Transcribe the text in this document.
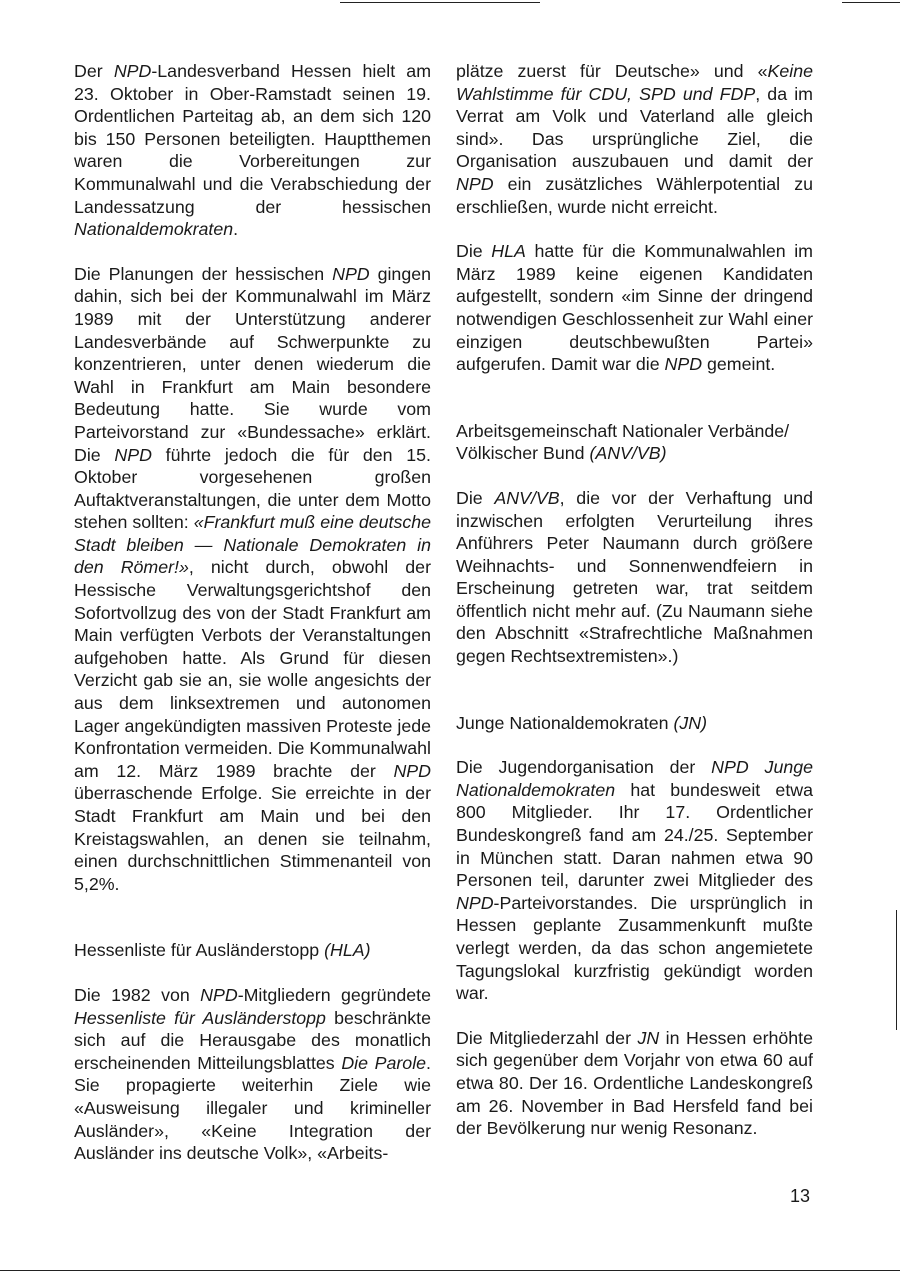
Der NPD-Landesverband Hessen hielt am 23. Oktober in Ober-Ramstadt seinen 19. Ordentlichen Parteitag ab, an dem sich 120 bis 150 Personen beteiligten. Hauptthemen waren die Vorbereitungen zur Kommunalwahl und die Verabschiedung der Landessatzung der hessischen Nationaldemokraten.

Die Planungen der hessischen NPD gingen dahin, sich bei der Kommunalwahl im März 1989 mit der Unterstützung anderer Landesverbände auf Schwerpunkte zu konzentrieren, unter denen wiederum die Wahl in Frankfurt am Main besondere Bedeutung hatte. Sie wurde vom Parteivorstand zur «Bundessache» erklärt. Die NPD führte jedoch die für den 15. Oktober vorgesehenen großen Auftaktveranstaltungen, die unter dem Motto stehen sollten: «Frankfurt muß eine deutsche Stadt bleiben — Nationale Demokraten in den Römer!», nicht durch, obwohl der Hessische Verwaltungsgerichtshof den Sofortvollzug des von der Stadt Frankfurt am Main verfügten Verbots der Veranstaltungen aufgehoben hatte. Als Grund für diesen Verzicht gab sie an, sie wolle angesichts der aus dem linksextremen und autonomen Lager angekündigten massiven Proteste jede Konfrontation vermeiden. Die Kommunalwahl am 12. März 1989 brachte der NPD überraschende Erfolge. Sie erreichte in der Stadt Frankfurt am Main und bei den Kreistagswahlen, an denen sie teilnahm, einen durchschnittlichen Stimmenanteil von 5,2%.

Hessenliste für Ausländerstopp (HLA)

Die 1982 von NPD-Mitgliedern gegründete Hessenliste für Ausländerstopp beschränkte sich auf die Herausgabe des monatlich erscheinenden Mitteilungsblattes Die Parole. Sie propagierte weiterhin Ziele wie «Ausweisung illegaler und krimineller Ausländer», «Keine Integration der Ausländer ins deutsche Volk», «Arbeits-

plätze zuerst für Deutsche» und «Keine Wahlstimme für CDU, SPD und FDP, da im Verrat am Volk und Vaterland alle gleich sind». Das ursprüngliche Ziel, die Organisation auszubauen und damit der NPD ein zusätzliches Wählerpotential zu erschließen, wurde nicht erreicht.

Die HLA hatte für die Kommunalwahlen im März 1989 keine eigenen Kandidaten aufgestellt, sondern «im Sinne der dringend notwendigen Geschlossenheit zur Wahl einer einzigen deutschbewußten Partei» aufgerufen. Damit war die NPD gemeint.

Arbeitsgemeinschaft Nationaler Verbände/ Völkischer Bund (ANV/VB)

Die ANV/VB, die vor der Verhaftung und inzwischen erfolgten Verurteilung ihres Anführers Peter Naumann durch größere Weihnachts- und Sonnenwendfeiern in Erscheinung getreten war, trat seitdem öffentlich nicht mehr auf. (Zu Naumann siehe den Abschnitt «Strafrechtliche Maßnahmen gegen Rechtsextremisten».)

Junge Nationaldemokraten (JN)

Die Jugendorganisation der NPD Junge Nationaldemokraten hat bundesweit etwa 800 Mitglieder. Ihr 17. Ordentlicher Bundeskongreß fand am 24./25. September in München statt. Daran nahmen etwa 90 Personen teil, darunter zwei Mitglieder des NPD-Parteivorstandes. Die ursprünglich in Hessen geplante Zusammenkunft mußte verlegt werden, da das schon angemietete Tagungslokal kurzfristig gekündigt worden war.

Die Mitgliederzahl der JN in Hessen erhöhte sich gegenüber dem Vorjahr von etwa 60 auf etwa 80. Der 16. Ordentliche Landeskongreß am 26. November in Bad Hersfeld fand bei der Bevölkerung nur wenig Resonanz.

13
